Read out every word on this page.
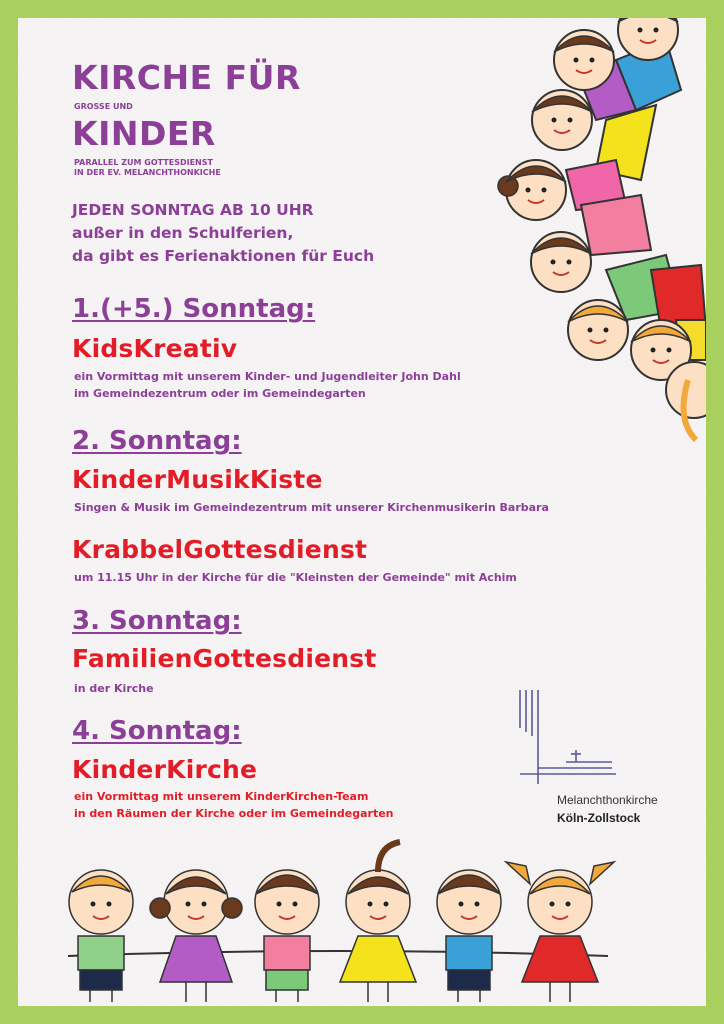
KIRCHE FÜR
GROSSE UND
KINDER
PARALLEL ZUM GOTTESDIENST
IN DER EV. MELANCHTHONKICHE
JEDEN SONNTAG AB 10 UHR
außer in den Schulferien,
da gibt es Ferienaktionen für Euch
1.(+5.) Sonntag:
KidsKreativ
ein Vormittag mit unserem Kinder- und Jugendleiter John Dahl
im Gemeindezentrum oder im Gemeindegarten
2. Sonntag:
KinderMusikKiste
Singen & Musik im Gemeindezentrum mit unserer Kirchenmusikerin Barbara
KrabbelGottesdienst
um 11.15 Uhr in der Kirche für die "Kleinsten der Gemeinde" mit Achim
3. Sonntag:
FamilienGottesdienst
in der Kirche
4. Sonntag:
KinderKirche
ein Vormittag mit unserem KinderKirchen-Team
in den Räumen der Kirche oder im Gemeindegarten
Melanchthonkirche
Köln-Zollstock
